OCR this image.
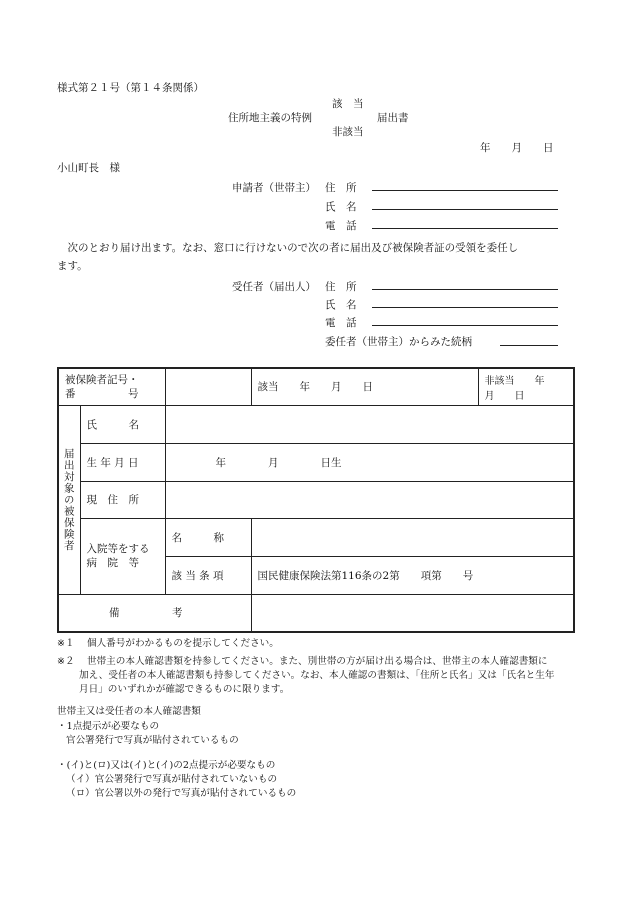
様式第２１号（第１４条関係）
該　当
住所地主義の特例
非該当
届出書
年　　月　　日
小山町長　様
申請者（世帯主） 住　所
氏　名
電　話
　次のとおり届け出ます。なお、窓口に行けないので次の者に届出及び被保険者証の受領を委任し
ます。
受任者（届出人） 住　所
氏　名
電　話
委任者（世帯主）からみた続柄
被保険者記号・
番　　　　　号			該当　　年　　月　　日	非該当　　年　　月　　日
届出対象の被保険者	氏　　　名			
	生 年 月 日	年　　　　月　　　　日生		
	現　住　所			

	入院等をする
病　院　等	名　　　称		
		該 当 条 項	国民健康保険法第116条の2第　　項第　　号	
備　　　　　考				
※１ 個人番号がわかるものを提示してください。
※２ 世帯主の本人確認書類を持参してください。また、別世帯の方が届け出る場合は、世帯主の本人確認書類に
加え、受任者の本人確認書類も持参してください。なお、本人確認の書類は、「住所と氏名」又は「氏名と生年
月日」のいずれかが確認できるものに限ります。
世帯主又は受任者の本人確認書類
・1点提示が必要なもの
官公署発行で写真が貼付されているもの
・(イ)と(ロ)又は(イ)と(イ)の2点提示が必要なもの
（イ）官公署発行で写真が貼付されていないもの
（ロ）官公署以外の発行で写真が貼付されているもの
